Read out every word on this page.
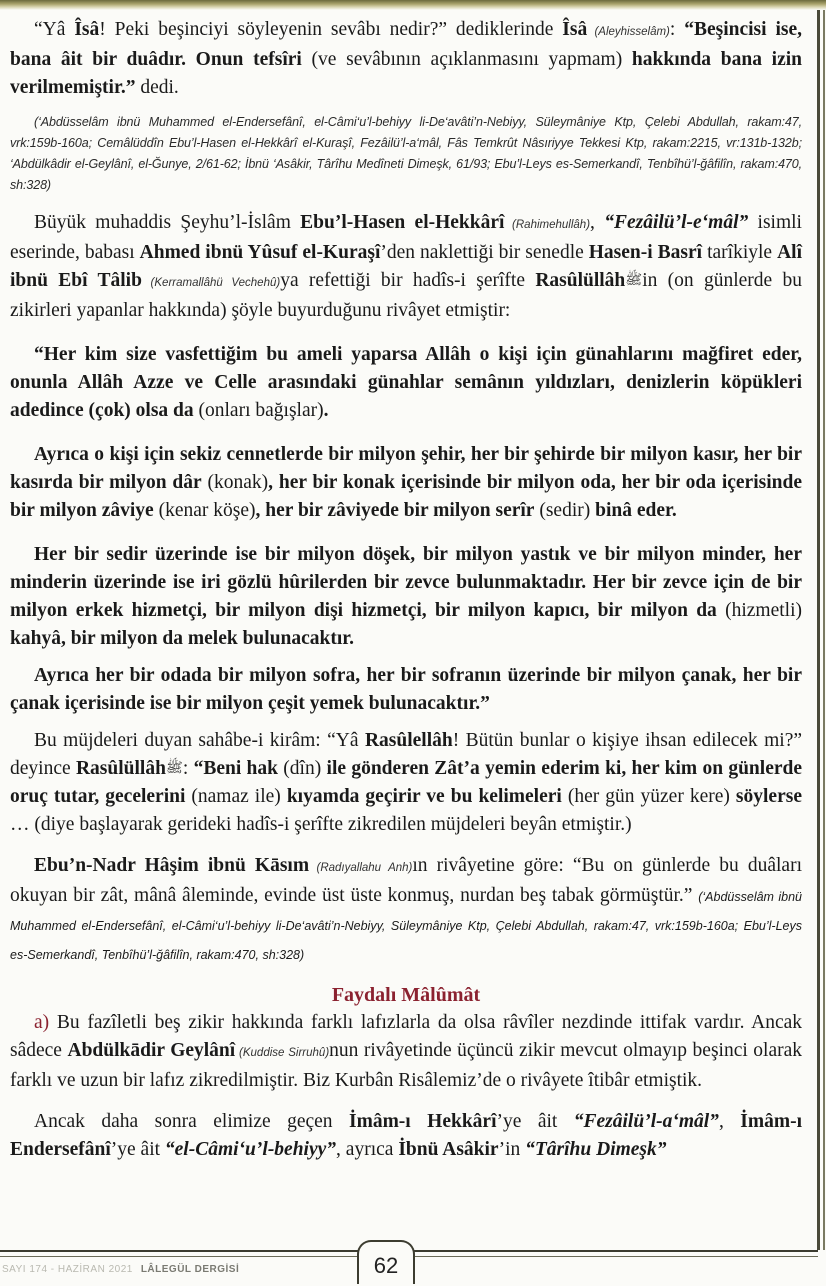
“Yâ Îsâ! Peki beşinciyi söyleyenin sevâbı nedir?” dediklerinde Îsâ (Aleyhisselâm): “Beşincisi ise, bana âit bir duâdır. Onun tefsîri (ve sevâbının açıklanmasını yapmam) hakkında bana izin verilmemiştir.” dedi.

(‘Abdüsselâm ibnü Muhammed el-Endersefânî, el-Câmi‘u’l-behiyy li-De‘avâti’n-Nebiyy, Süleymâniye Ktp, Çelebi Abdullah, rakam:47, vrk:159b-160a; Cemâlüddîn Ebu’l-Hasen el-Hekkârî el-Kuraşî, Fezâilü’l-a‘mâl, Fâs Temkrût Nâsıriyye Tekkesi Ktp, rakam:2215, vr:131b-132b; ‘Abdülkâdir el-Geylânî, el-Ğunye, 2/61-62; İbnü ‘Asâkir, Târîhu Medîneti Dimeşk, 61/93; Ebu’l-Leys es-Semerkandî, Tenbîhü’l-ğâfilîn, rakam:470, sh:328)

Büyük muhaddis Şeyhu’l-İslâm Ebu’l-Hasen el-Hekkârî (Rahimehullâh), “Fezâilü’l-e‘mâl” isimli eserinde, babası Ahmed ibnü Yûsuf el-Kuraşî’den naklettiği bir senedle Hasen-i Basrî tarîkiyle Alî ibnü Ebî Tâlib (Kerramallâhü Vechehû)ya refettiği bir hadîs-i şerîfte Rasûlüllâhﷺin (on günlerde bu zikirleri yapanlar hakkında) şöyle buyurduğunu rivâyet etmiştir:

“Her kim size vasfettiğim bu ameli yaparsa Allâh o kişi için günahlarını mağfiret eder, onunla Allâh Azze ve Celle arasındaki günahlar semânın yıldızları, denizlerin köpükleri adedince (çok) olsa da (onları bağışlar).

Ayrıca o kişi için sekiz cennetlerde bir milyon şehir, her bir şehirde bir milyon kasır, her bir kasırda bir milyon dâr (konak), her bir konak içerisinde bir milyon oda, her bir oda içerisinde bir milyon zâviye (kenar köşe), her bir zâviyede bir milyon serîr (sedir) binâ eder.

Her bir sedir üzerinde ise bir milyon döşek, bir milyon yastık ve bir milyon minder, her minderin üzerinde ise iri gözlü hûrilerden bir zevce bulunmaktadır. Her bir zevce için de bir milyon erkek hizmetçi, bir milyon dişi hizmetçi, bir milyon kapıcı, bir milyon da (hizmetli) kahyâ, bir milyon da melek bulunacaktır.

Ayrıca her bir odada bir milyon sofra, her bir sofranın üzerinde bir milyon çanak, her bir çanak içerisinde ise bir milyon çeşit yemek bulunacaktır.”

Bu müjdeleri duyan sahâbe-i kirâm: “Yâ Rasûlellâh! Bütün bunlar o kişiye ihsan edilecek mi?” deyince Rasûlüllâhﷺ: “Beni hak (dîn) ile gönderen Zât’a yemin ederim ki, her kim on günlerde oruç tutar, gecelerini (namaz ile) kıyamda geçirir ve bu kelimeleri (her gün yüzer kere) söylerse … (diye başlayarak gerideki hadîs-i şerîfte zikredilen müjdeleri beyân etmiştir.)

Ebu’n-Nadr Hâşim ibnü Kāsım (Radıyallahu Anh)ın rivâyetine göre: “Bu on günlerde bu duâları okuyan bir zât, mânâ âleminde, evinde üst üste konmuş, nurdan beş tabak görmüştür.” (‘Abdüsselâm ibnü Muhammed el-Endersefânî, el-Câmi‘u’l-behiyy li-De‘avâti’n-Nebiyy, Süleymâniye Ktp, Çelebi Abdullah, rakam:47, vrk:159b-160a; Ebu’l-Leys es-Semerkandî, Tenbîhü’l-ğâfilîn, rakam:470, sh:328)

Faydalı Mâlûmât

a) Bu fazîletli beş zikir hakkında farklı lafızlarla da olsa râvîler nezdinde ittifak vardır. Ancak sâdece Abdülkādir Geylânî (Kuddise Sirruhû)nun rivâyetinde üçüncü zikir mevcut olmayıp beşinci olarak farklı ve uzun bir lafız zikredilmiştir. Biz Kurbân Risâlemiz’de o rivâyete îtibâr etmiştik.

Ancak daha sonra elimize geçen İmâm-ı Hekkârî’ye âit “Fezâilü’l-a‘mâl”, İmâm-ı Endersefânî’ye âit “el-Câmi‘u’l-behiyy”, ayrıca İbnü Asâkir’in “Târîhu Dimeşk”

62
SAYI 174 - HAZİRAN 2021 LÂLEGÜL DERGİSİ
